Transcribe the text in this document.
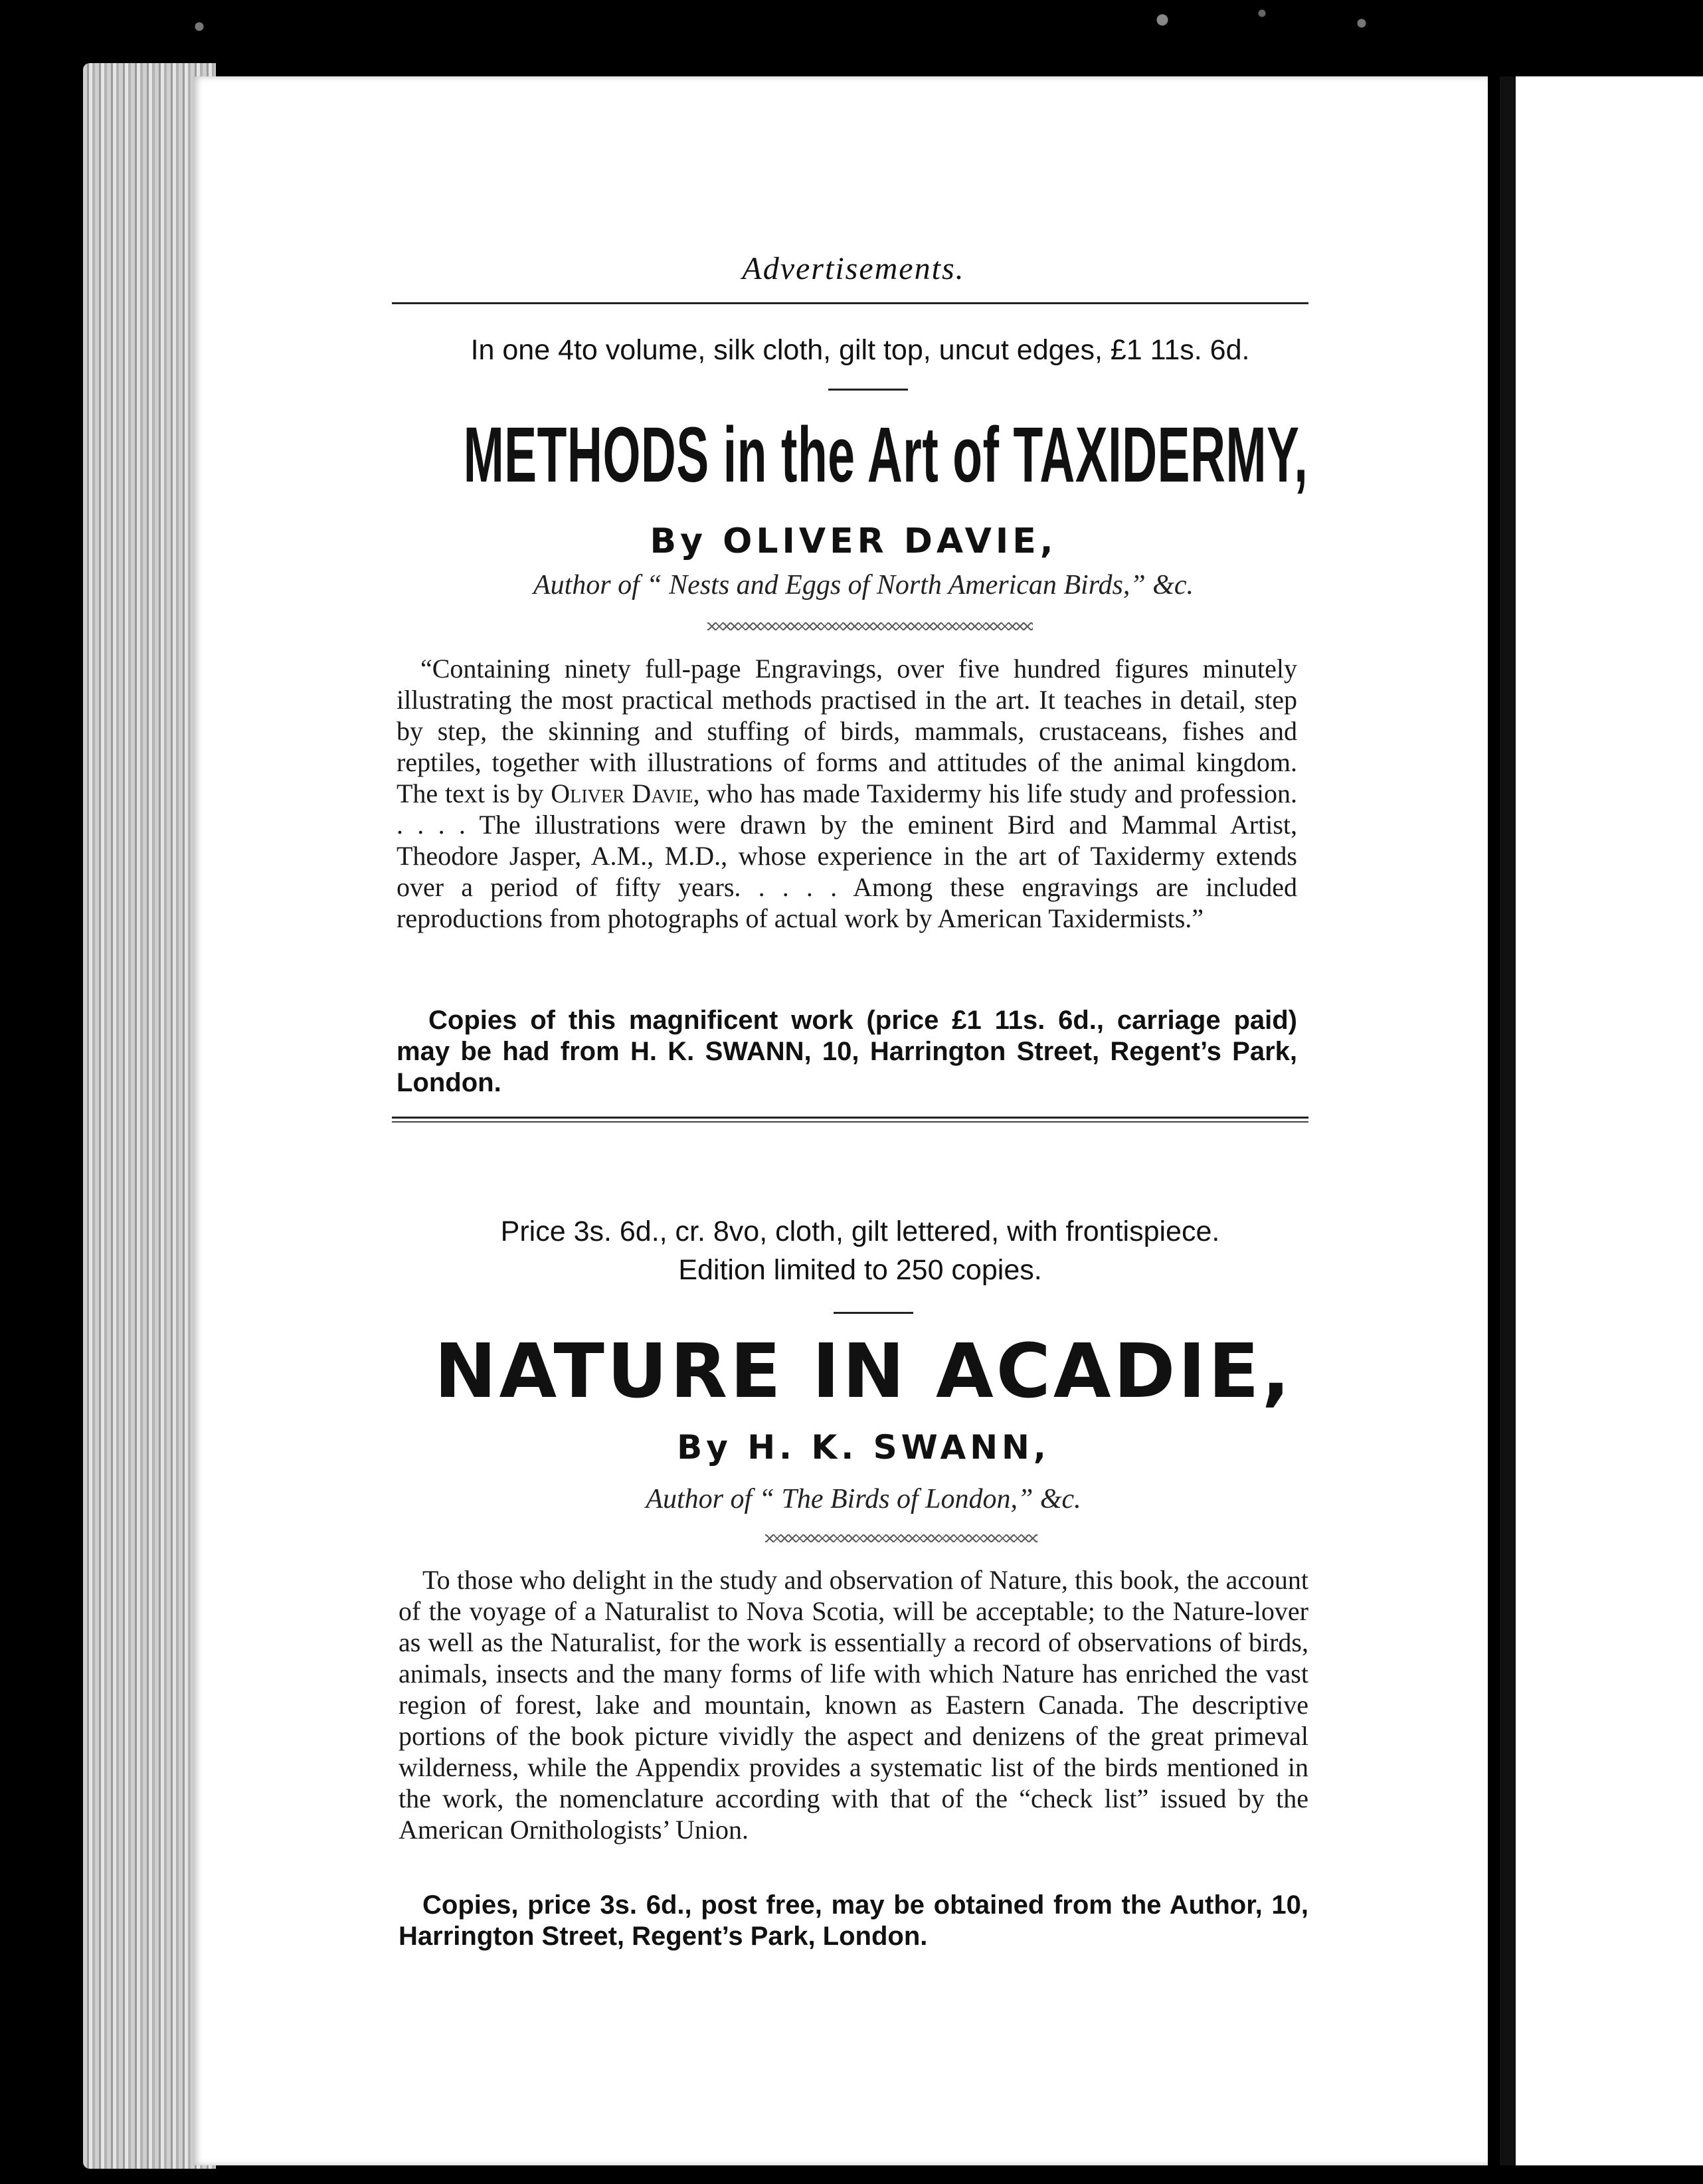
Advertisements.
In one 4to volume, silk cloth, gilt top, uncut edges, £1 11s. 6d.
METHODS in the Art of TAXIDERMY,
By OLIVER DAVIE,
Author of “ Nests and Eggs of North American Birds,” &c.

“Containing ninety full-page Engravings, over five hundred figures minutely illustrating the most practical methods practised in the art. It teaches in detail, step by step, the skinning and stuffing of birds, mammals, crustaceans, fishes and reptiles, together with illustrations of forms and attitudes of the animal kingdom. The text is by Oliver Davie, who has made Taxidermy his life study and profession. . . . . The illustrations were drawn by the eminent Bird and Mammal Artist, Theodore Jasper, A.M., M.D., whose experience in the art of Taxidermy extends over a period of fifty years. . . . . Among these engravings are included reproductions from photographs of actual work by American Taxidermists.”

Copies of this magnificent work (price £1 11s. 6d., carriage paid) may be had from H. K. SWANN, 10, Harrington Street, Regent’s Park, London.
Price 3s. 6d., cr. 8vo, cloth, gilt lettered, with frontispiece.
Edition limited to 250 copies.
NATURE IN ACADIE,
By H. K. SWANN,
Author of “ The Birds of London,” &c.

To those who delight in the study and observation of Nature, this book, the account of the voyage of a Naturalist to Nova Scotia, will be acceptable; to the Nature-lover as well as the Naturalist, for the work is essentially a record of observations of birds, animals, insects and the many forms of life with which Nature has enriched the vast region of forest, lake and mountain, known as Eastern Canada. The descriptive portions of the book picture vividly the aspect and denizens of the great primeval wilderness, while the Appendix provides a systematic list of the birds mentioned in the work, the nomenclature according with that of the “check list” issued by the American Ornithologists’ Union.

Copies, price 3s. 6d., post free, may be obtained from the Author, 10, Harrington Street, Regent’s Park, London.
